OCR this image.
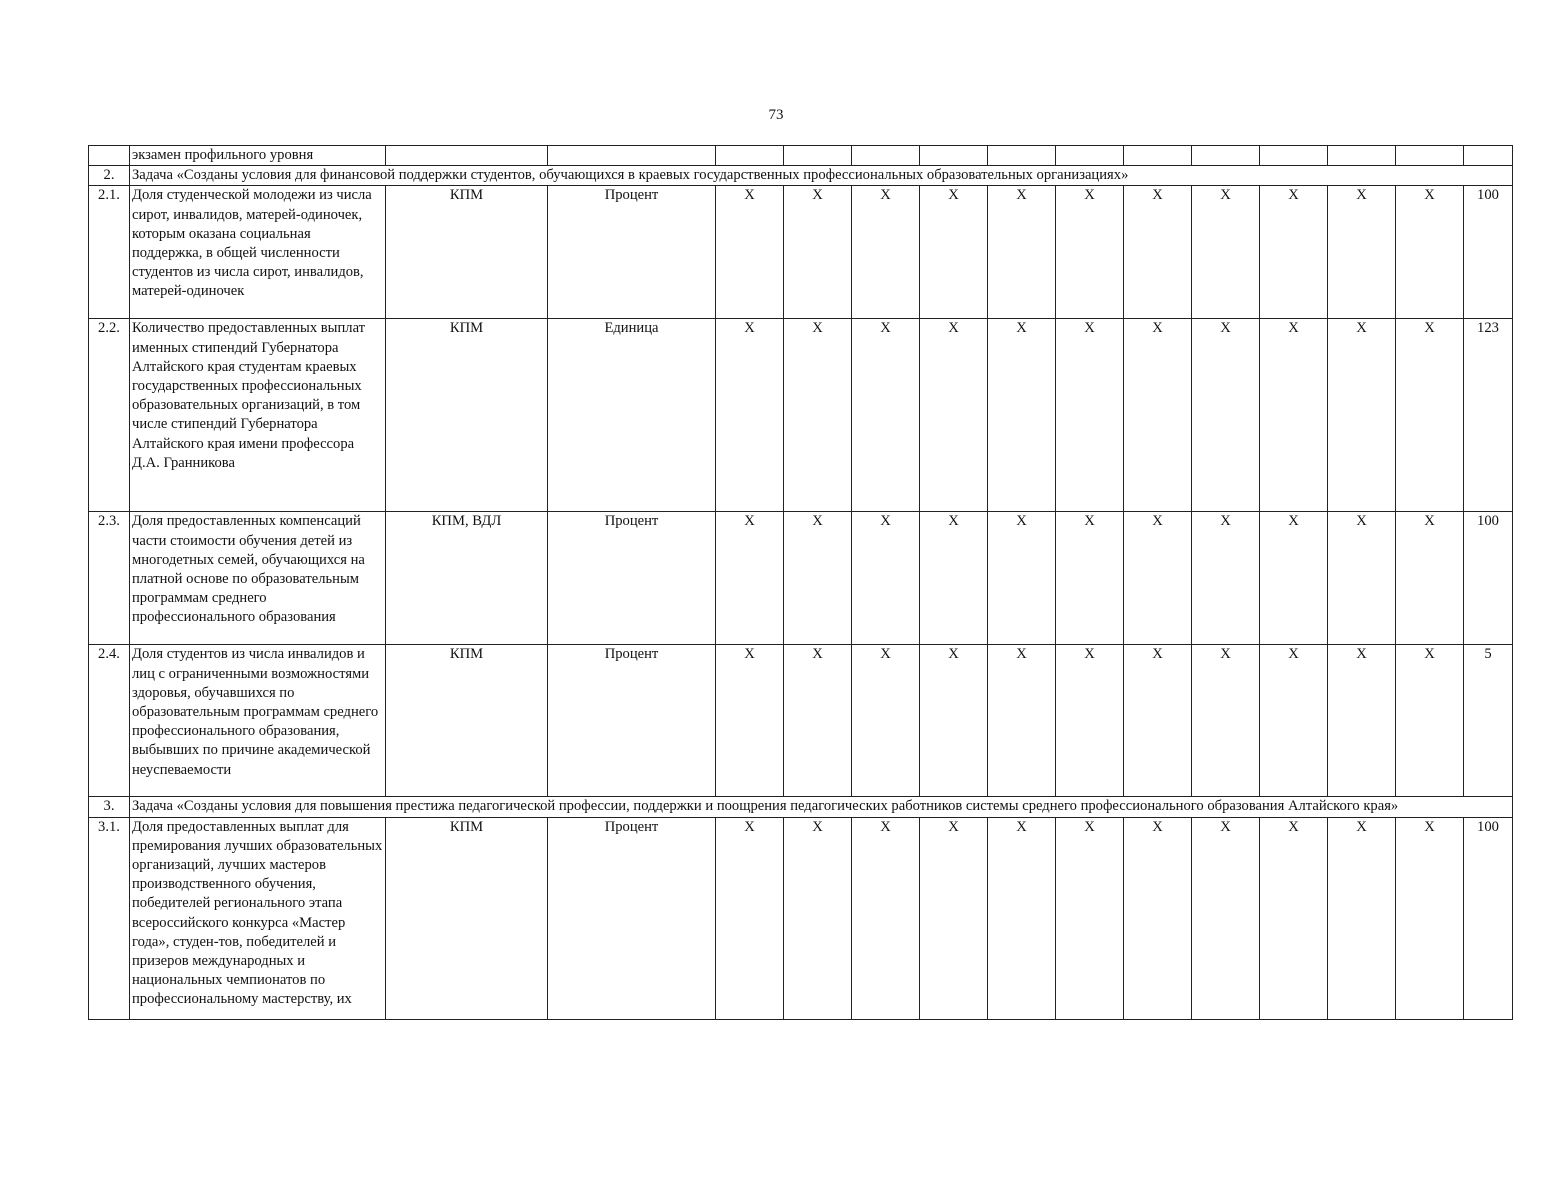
73
	экзамен профильного уровня														
2.	Задача «Созданы условия для финансовой поддержки студентов, обучающихся в краевых государственных профессиональных образовательных организациях»														
2.1.	Доля студенческой молодежи из числа сирот, инвалидов, матерей-одиночек, которым оказана социальная поддержка, в общей численности студентов из числа сирот, инвалидов, матерей-одиночек	КПМ	Процент	Х	Х	Х	Х	Х	Х	Х	Х	Х	Х	Х	100
2.2.	Количество предоставленных выплат именных стипендий Губернатора Алтайского края студентам краевых государственных профессиональных образовательных организаций, в том числе стипендий Губернатора Алтайского края имени профессора Д.А. Гранникова	КПМ	Единица	Х	Х	Х	Х	Х	Х	Х	Х	Х	Х	Х	123
2.3.	Доля предоставленных компенсаций части стоимости обучения детей из многодетных семей, обучающихся на платной основе по образовательным программам среднего профессионального образования	КПМ, ВДЛ	Процент	Х	Х	Х	Х	Х	Х	Х	Х	Х	Х	Х	100
2.4.	Доля студентов из числа инвалидов и лиц с ограниченными возможностями здоровья, обучавшихся по образовательным программам среднего профессионального образования, выбывших по причине академической неуспеваемости	КПМ	Процент	Х	Х	Х	Х	Х	Х	Х	Х	Х	Х	Х	5
3.	Задача «Созданы условия для повышения престижа педагогической профессии, поддержки и поощрения педагогических работников системы среднего профессионального образования Алтайского края»														
3.1.	Доля предоставленных выплат для премирования лучших образовательных организаций, лучших мастеров производственного обучения, победителей регионального этапа всероссийского конкурса «Мастер года», студен-тов, победителей и призеров международных и национальных чемпионатов по профессиональному мастерству, их	КПМ	Процент	Х	Х	Х	Х	Х	Х	Х	Х	Х	Х	Х	100
